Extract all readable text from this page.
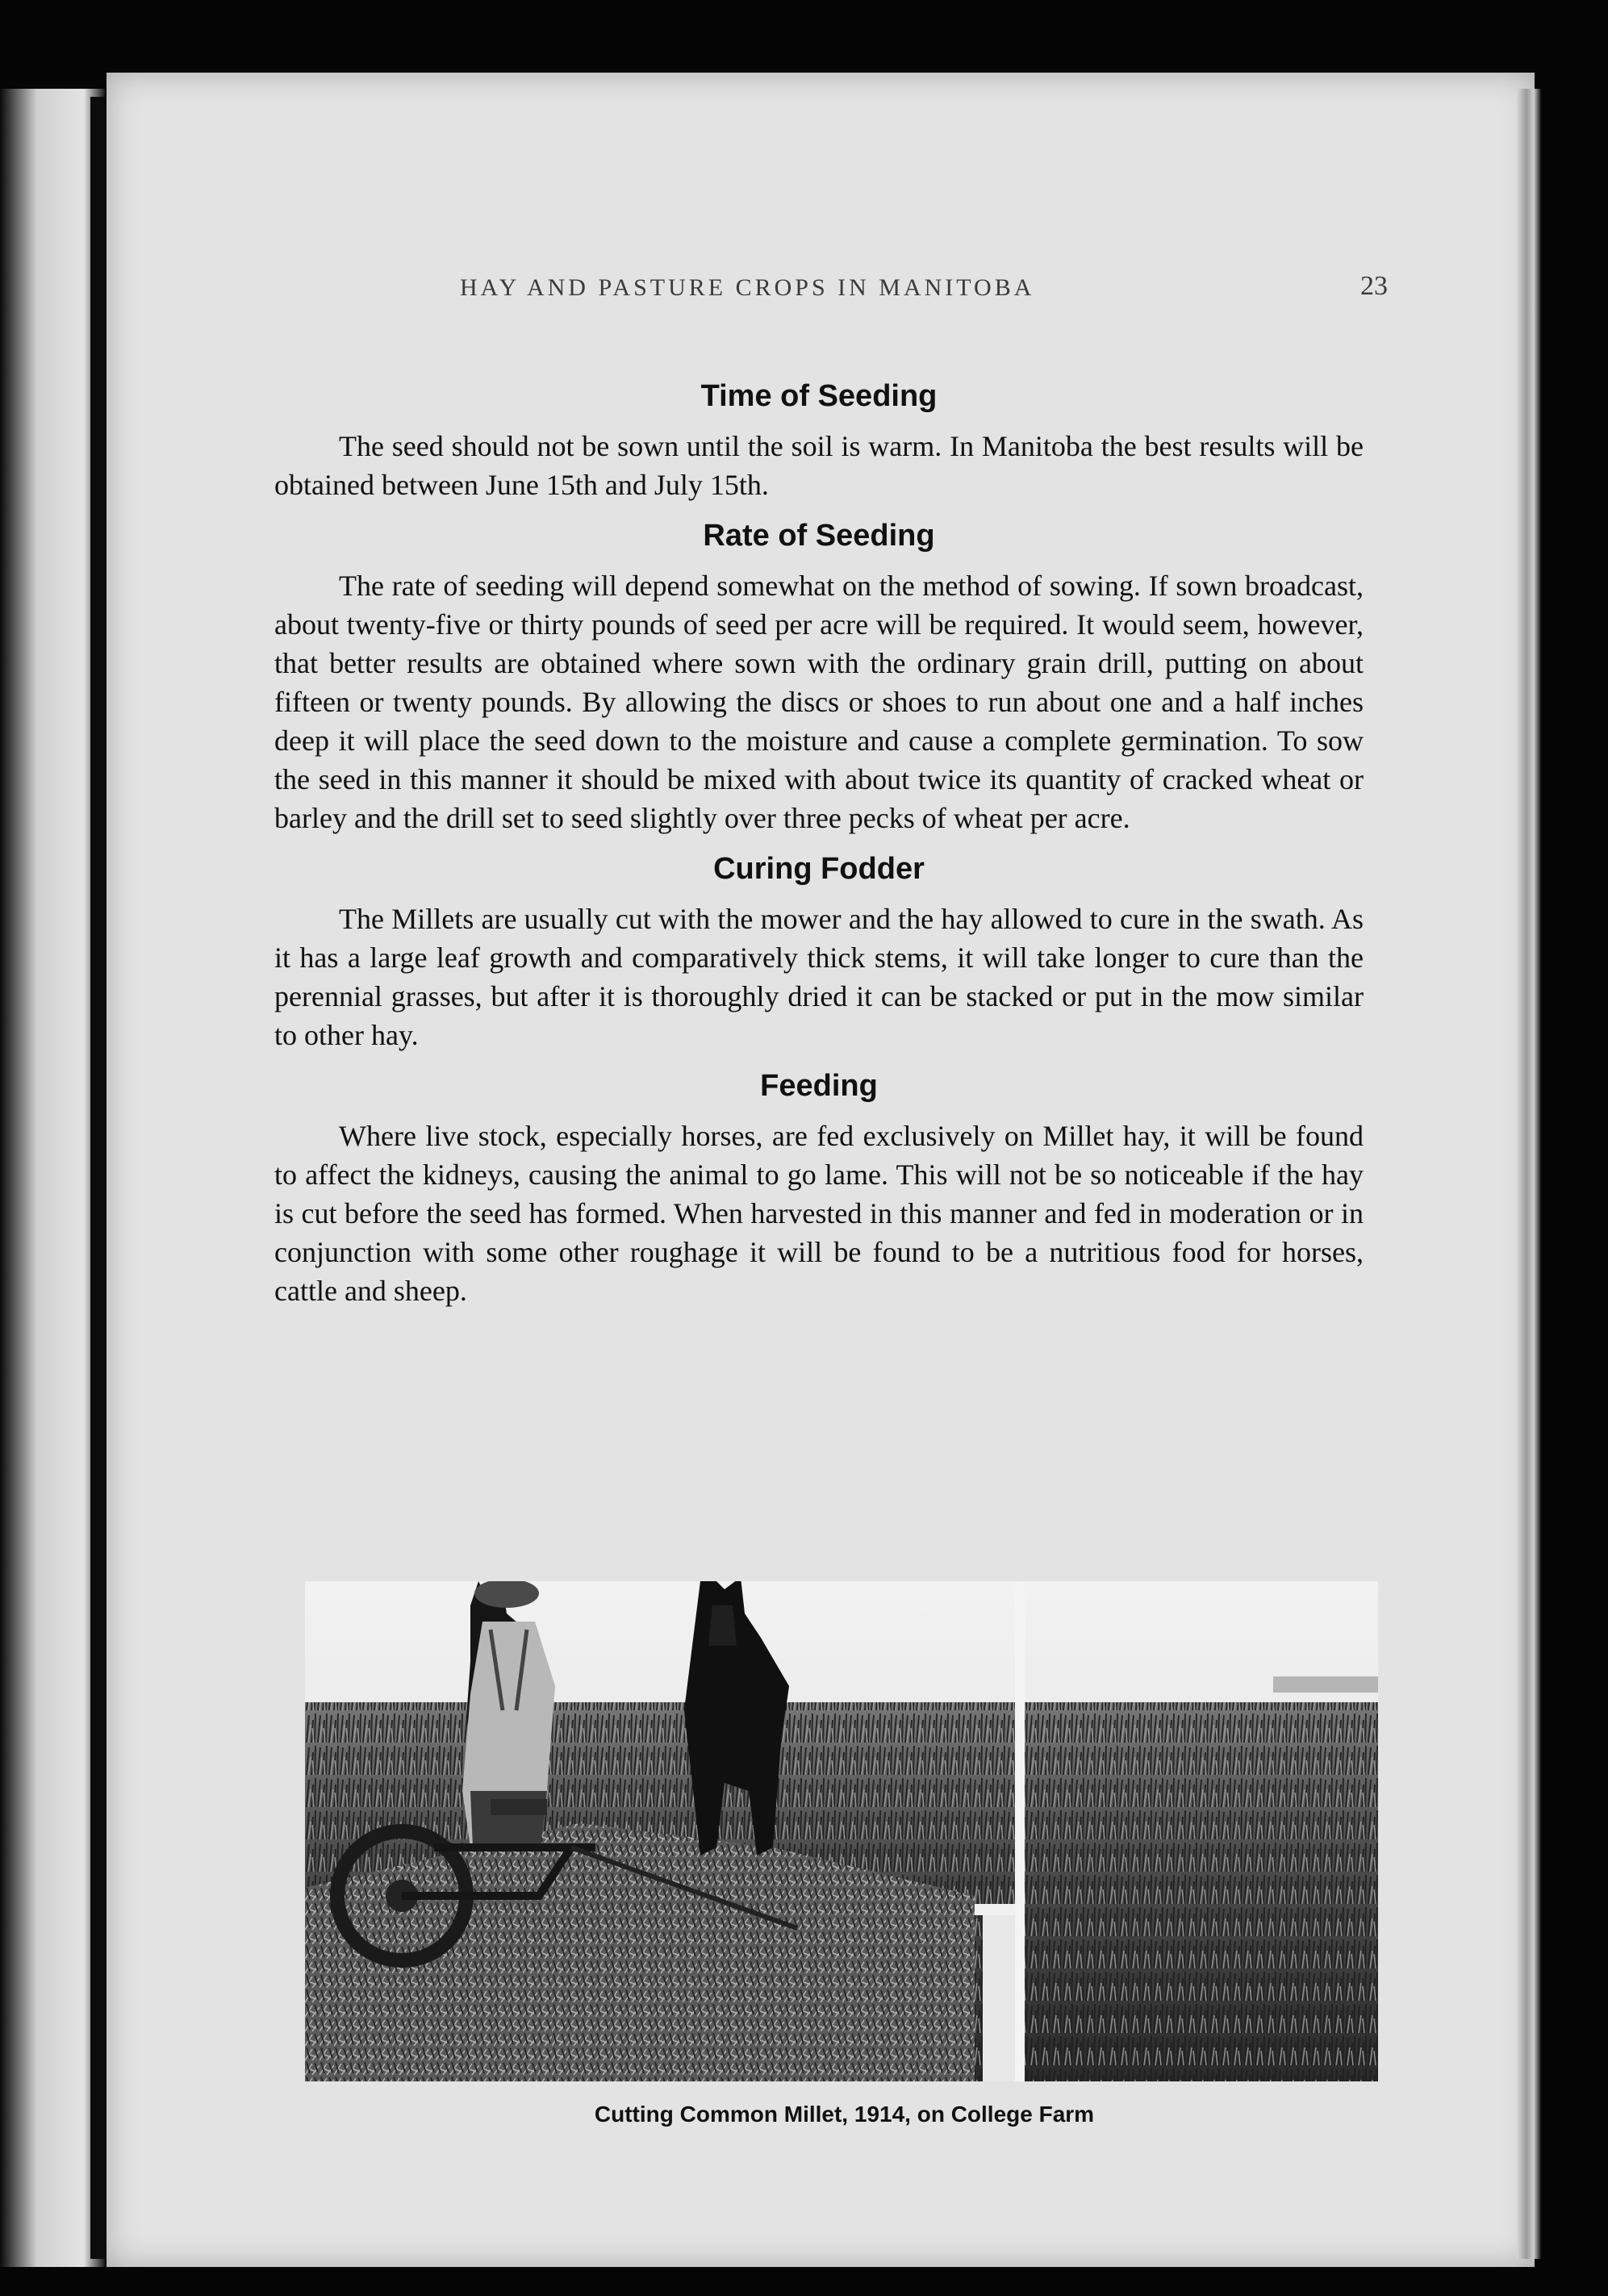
HAY AND PASTURE CROPS IN MANITOBA	23
Time of Seeding

The seed should not be sown until the soil is warm. In Manitoba the best results will be obtained between June 15th and July 15th.

Rate of Seeding

The rate of seeding will depend somewhat on the method of sowing. If sown broadcast, about twenty-five or thirty pounds of seed per acre will be required. It would seem, however, that better results are obtained where sown with the ordinary grain drill, putting on about fifteen or twenty pounds. By allowing the discs or shoes to run about one and a half inches deep it will place the seed down to the moisture and cause a complete germination. To sow the seed in this manner it should be mixed with about twice its quantity of cracked wheat or barley and the drill set to seed slightly over three pecks of wheat per acre.

Curing Fodder

The Millets are usually cut with the mower and the hay allowed to cure in the swath. As it has a large leaf growth and comparatively thick stems, it will take longer to cure than the perennial grasses, but after it is thoroughly dried it can be stacked or put in the mow similar to other hay.

Feeding

Where live stock, especially horses, are fed exclusively on Millet hay, it will be found to affect the kidneys, causing the animal to go lame. This will not be so noticeable if the hay is cut before the seed has formed. When harvested in this manner and fed in moderation or in conjunction with some other roughage it will be found to be a nutritious food for horses, cattle and sheep.

Cutting Common Millet, 1914, on College Farm
